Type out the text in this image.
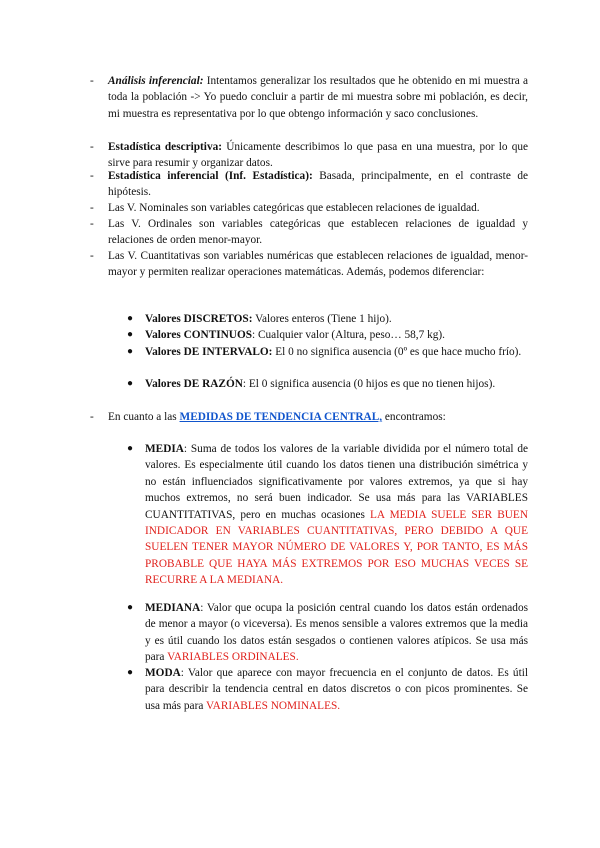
- Análisis inferencial: Intentamos generalizar los resultados que he obtenido en mi muestra a toda la población -> Yo puedo concluir a partir de mi muestra sobre mi población, es decir, mi muestra es representativa por lo que obtengo información y saco conclusiones.
- Estadística descriptiva: Únicamente describimos lo que pasa en una muestra, por lo que sirve para resumir y organizar datos.
- Estadística inferencial (Inf. Estadística): Basada, principalmente, en el contraste de hipótesis.
- Las V. Nominales son variables categóricas que establecen relaciones de igualdad.
- Las V. Ordinales son variables categóricas que establecen relaciones de igualdad y relaciones de orden menor-mayor.
- Las V. Cuantitativas son variables numéricas que establecen relaciones de igualdad, menor-mayor y permiten realizar operaciones matemáticas. Además, podemos diferenciar:
● Valores DISCRETOS: Valores enteros (Tiene 1 hijo).
● Valores CONTINUOS: Cualquier valor (Altura, peso… 58,7 kg).
● Valores DE INTERVALO: El 0 no significa ausencia (0º es que hace mucho frío).
● Valores DE RAZÓN: El 0 significa ausencia (0 hijos es que no tienen hijos).
- En cuanto a las MEDIDAS DE TENDENCIA CENTRAL, encontramos:
● MEDIA: Suma de todos los valores de la variable dividida por el número total de valores. Es especialmente útil cuando los datos tienen una distribución simétrica y no están influenciados significativamente por valores extremos, ya que si hay muchos extremos, no será buen indicador. Se usa más para las VARIABLES CUANTITATIVAS, pero en muchas ocasiones LA MEDIA SUELE SER BUEN INDICADOR EN VARIABLES CUANTITATIVAS, PERO DEBIDO A QUE SUELEN TENER MAYOR NÚMERO DE VALORES Y, POR TANTO, ES MÁS PROBABLE QUE HAYA MÁS EXTREMOS POR ESO MUCHAS VECES SE RECURRE A LA MEDIANA.
● MEDIANA: Valor que ocupa la posición central cuando los datos están ordenados de menor a mayor (o viceversa). Es menos sensible a valores extremos que la media y es útil cuando los datos están sesgados o contienen valores atípicos. Se usa más para VARIABLES ORDINALES.
● MODA: Valor que aparece con mayor frecuencia en el conjunto de datos. Es útil para describir la tendencia central en datos discretos o con picos prominentes. Se usa más para VARIABLES NOMINALES.
